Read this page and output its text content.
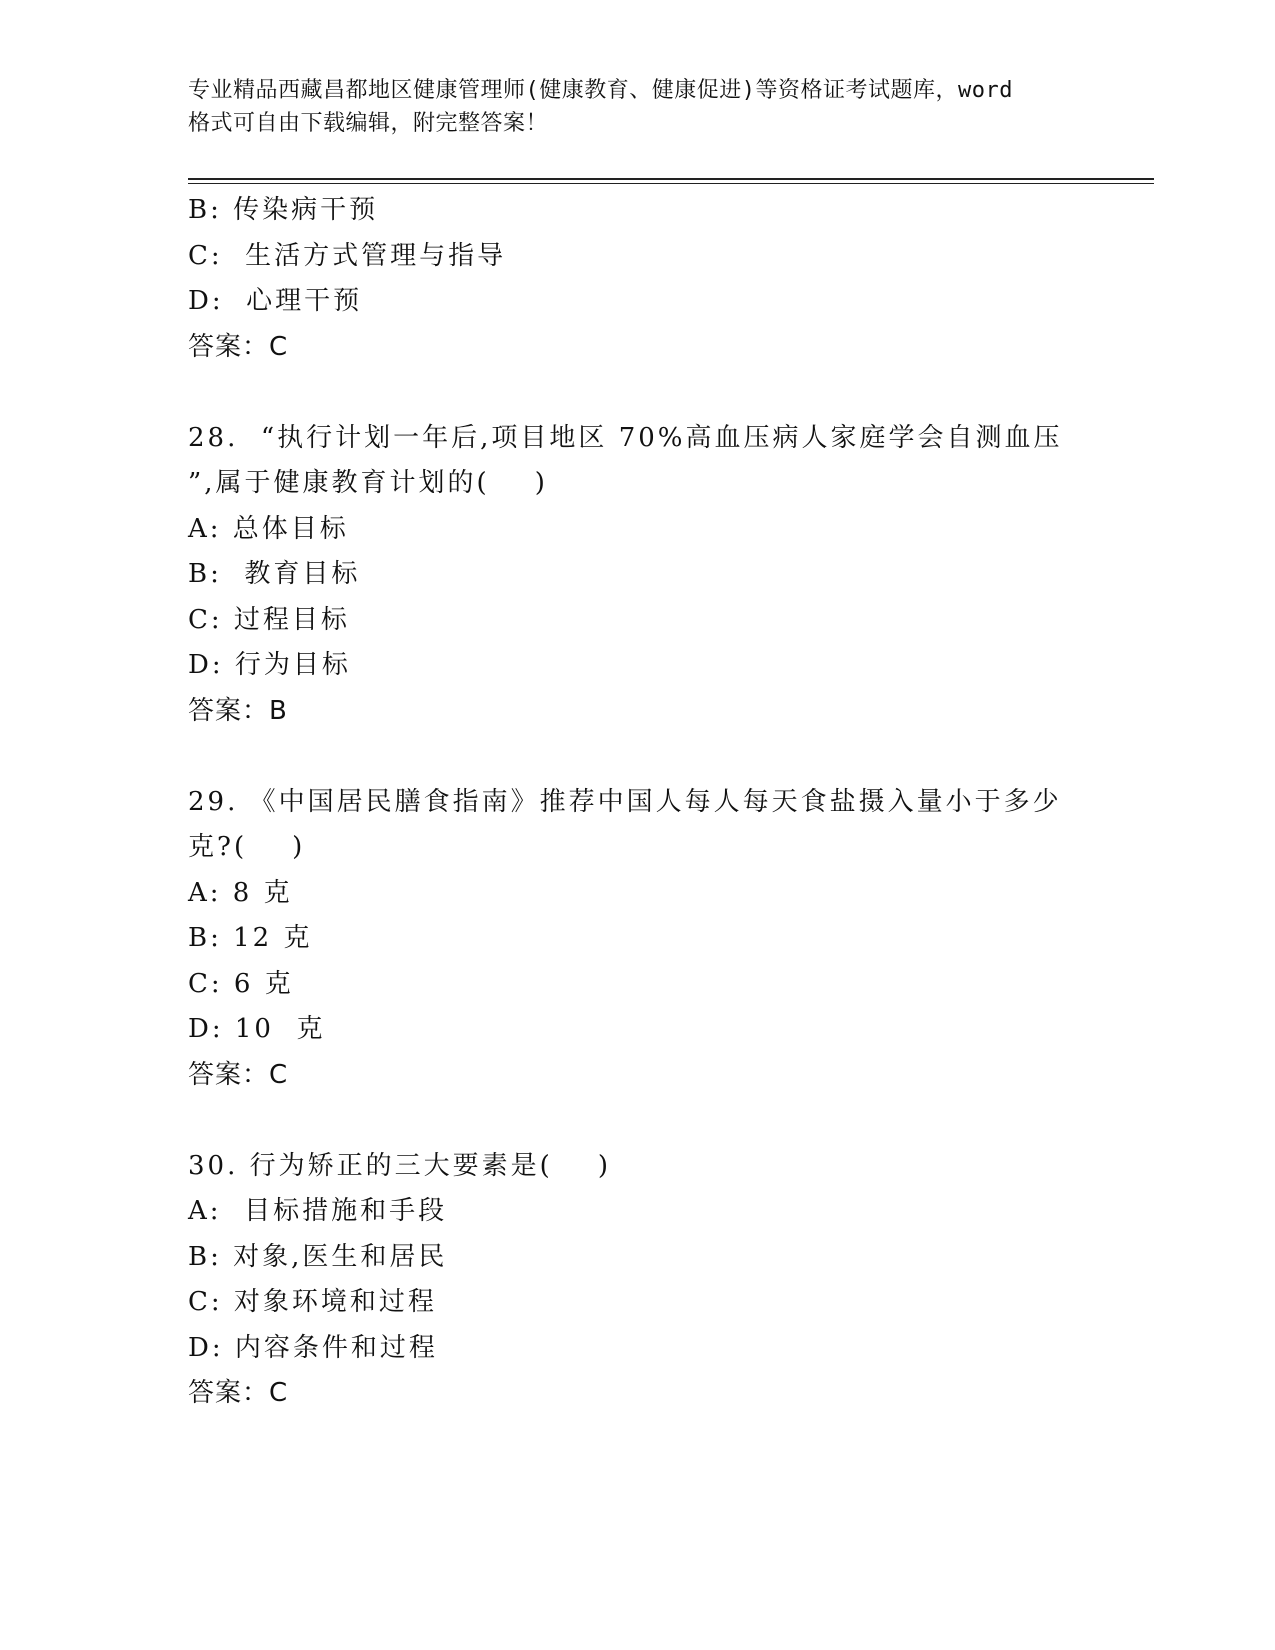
专业精品西藏昌都地区健康管理师(健康教育、健康促进)等资格证考试题库，word
格式可自由下载编辑，附完整答案！
B: 传染病干预
C:  生活方式管理与指导
D:  心理干预
答案：C
28.  “执行计划一年后,项目地区 70%高血压病人家庭学会自测血压
”,属于健康教育计划的(    )
A: 总体目标
B:  教育目标
C: 过程目标
D: 行为目标
答案：B
29. 《中国居民膳食指南》推荐中国人每人每天食盐摄入量小于多少
克?(    )
A: 8 克
B: 12 克
C: 6 克
D: 10  克
答案：C
30. 行为矫正的三大要素是(    )
A:  目标措施和手段
B: 对象,医生和居民
C: 对象环境和过程
D: 内容条件和过程
答案：C
